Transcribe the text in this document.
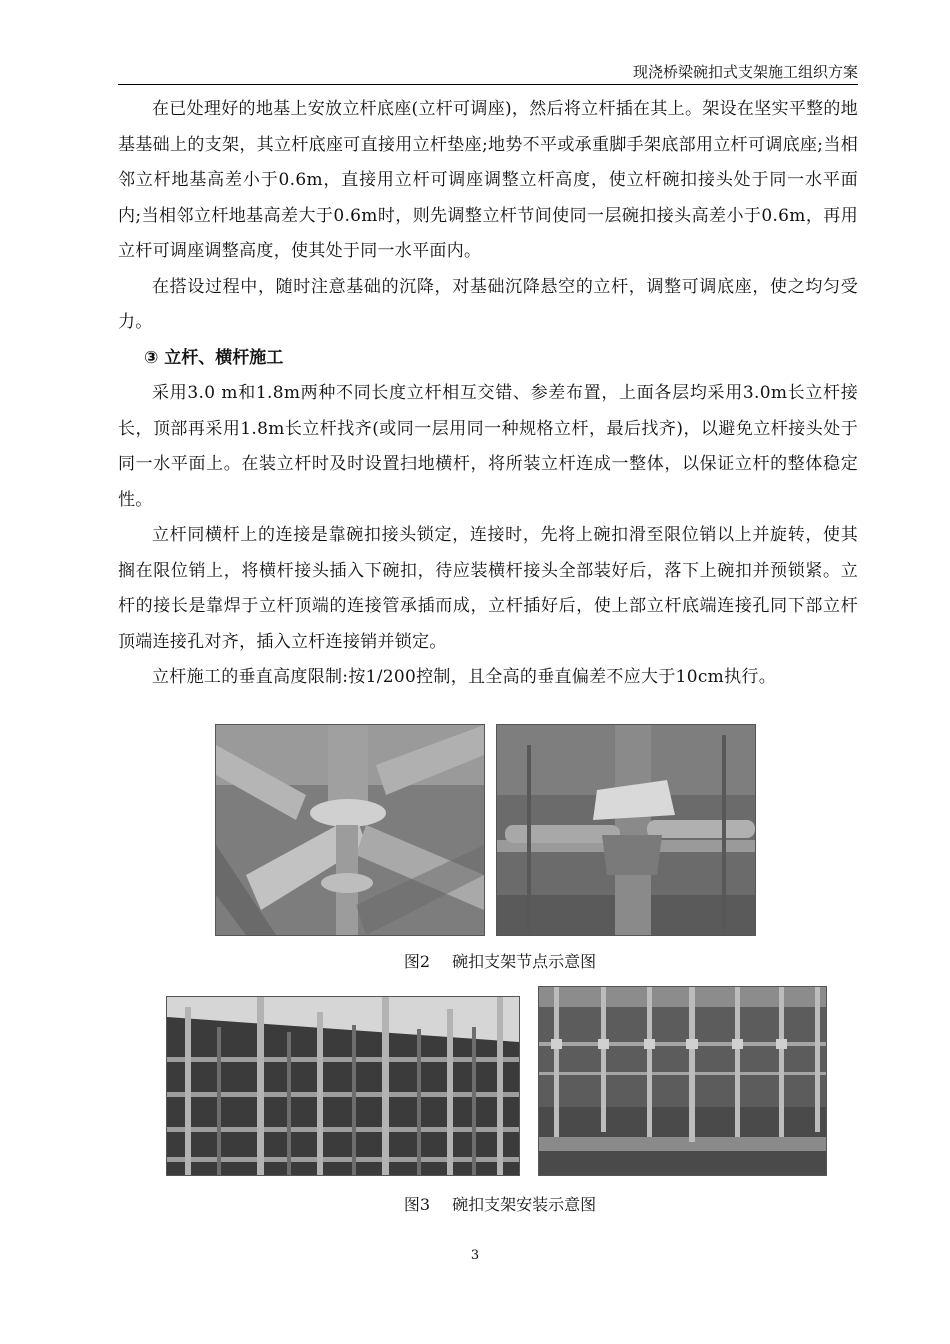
现浇桥梁碗扣式支架施工组织方案

在已处理好的地基上安放立杆底座(立杆可调座)，然后将立杆插在其上。架设在坚实平整的地基基础上的支架，其立杆底座可直接用立杆垫座;地势不平或承重脚手架底部用立杆可调底座;当相邻立杆地基高差小于0.6m，直接用立杆可调座调整立杆高度，使立杆碗扣接头处于同一水平面内;当相邻立杆地基高差大于0.6m时，则先调整立杆节间使同一层碗扣接头高差小于0.6m，再用立杆可调座调整高度，使其处于同一水平面内。

在搭设过程中，随时注意基础的沉降，对基础沉降悬空的立杆，调整可调底座，使之均匀受力。

③ 立杆、横杆施工

采用3.0 m和1.8m两种不同长度立杆相互交错、参差布置，上面各层均采用3.0m长立杆接长，顶部再采用1.8m长立杆找齐(或同一层用同一种规格立杆，最后找齐)，以避免立杆接头处于同一水平面上。在装立杆时及时设置扫地横杆，将所装立杆连成一整体，以保证立杆的整体稳定性。

立杆同横杆上的连接是靠碗扣接头锁定，连接时，先将上碗扣滑至限位销以上并旋转，使其搁在限位销上，将横杆接头插入下碗扣，待应装横杆接头全部装好后，落下上碗扣并预锁紧。立杆的接长是靠焊于立杆顶端的连接管承插而成，立杆插好后，使上部立杆底端连接孔同下部立杆顶端连接孔对齐，插入立杆连接销并锁定。

立杆施工的垂直高度限制:按1/200控制，且全高的垂直偏差不应大于10cm执行。

图2 碗扣支架节点示意图
图3 碗扣支架安装示意图
3
